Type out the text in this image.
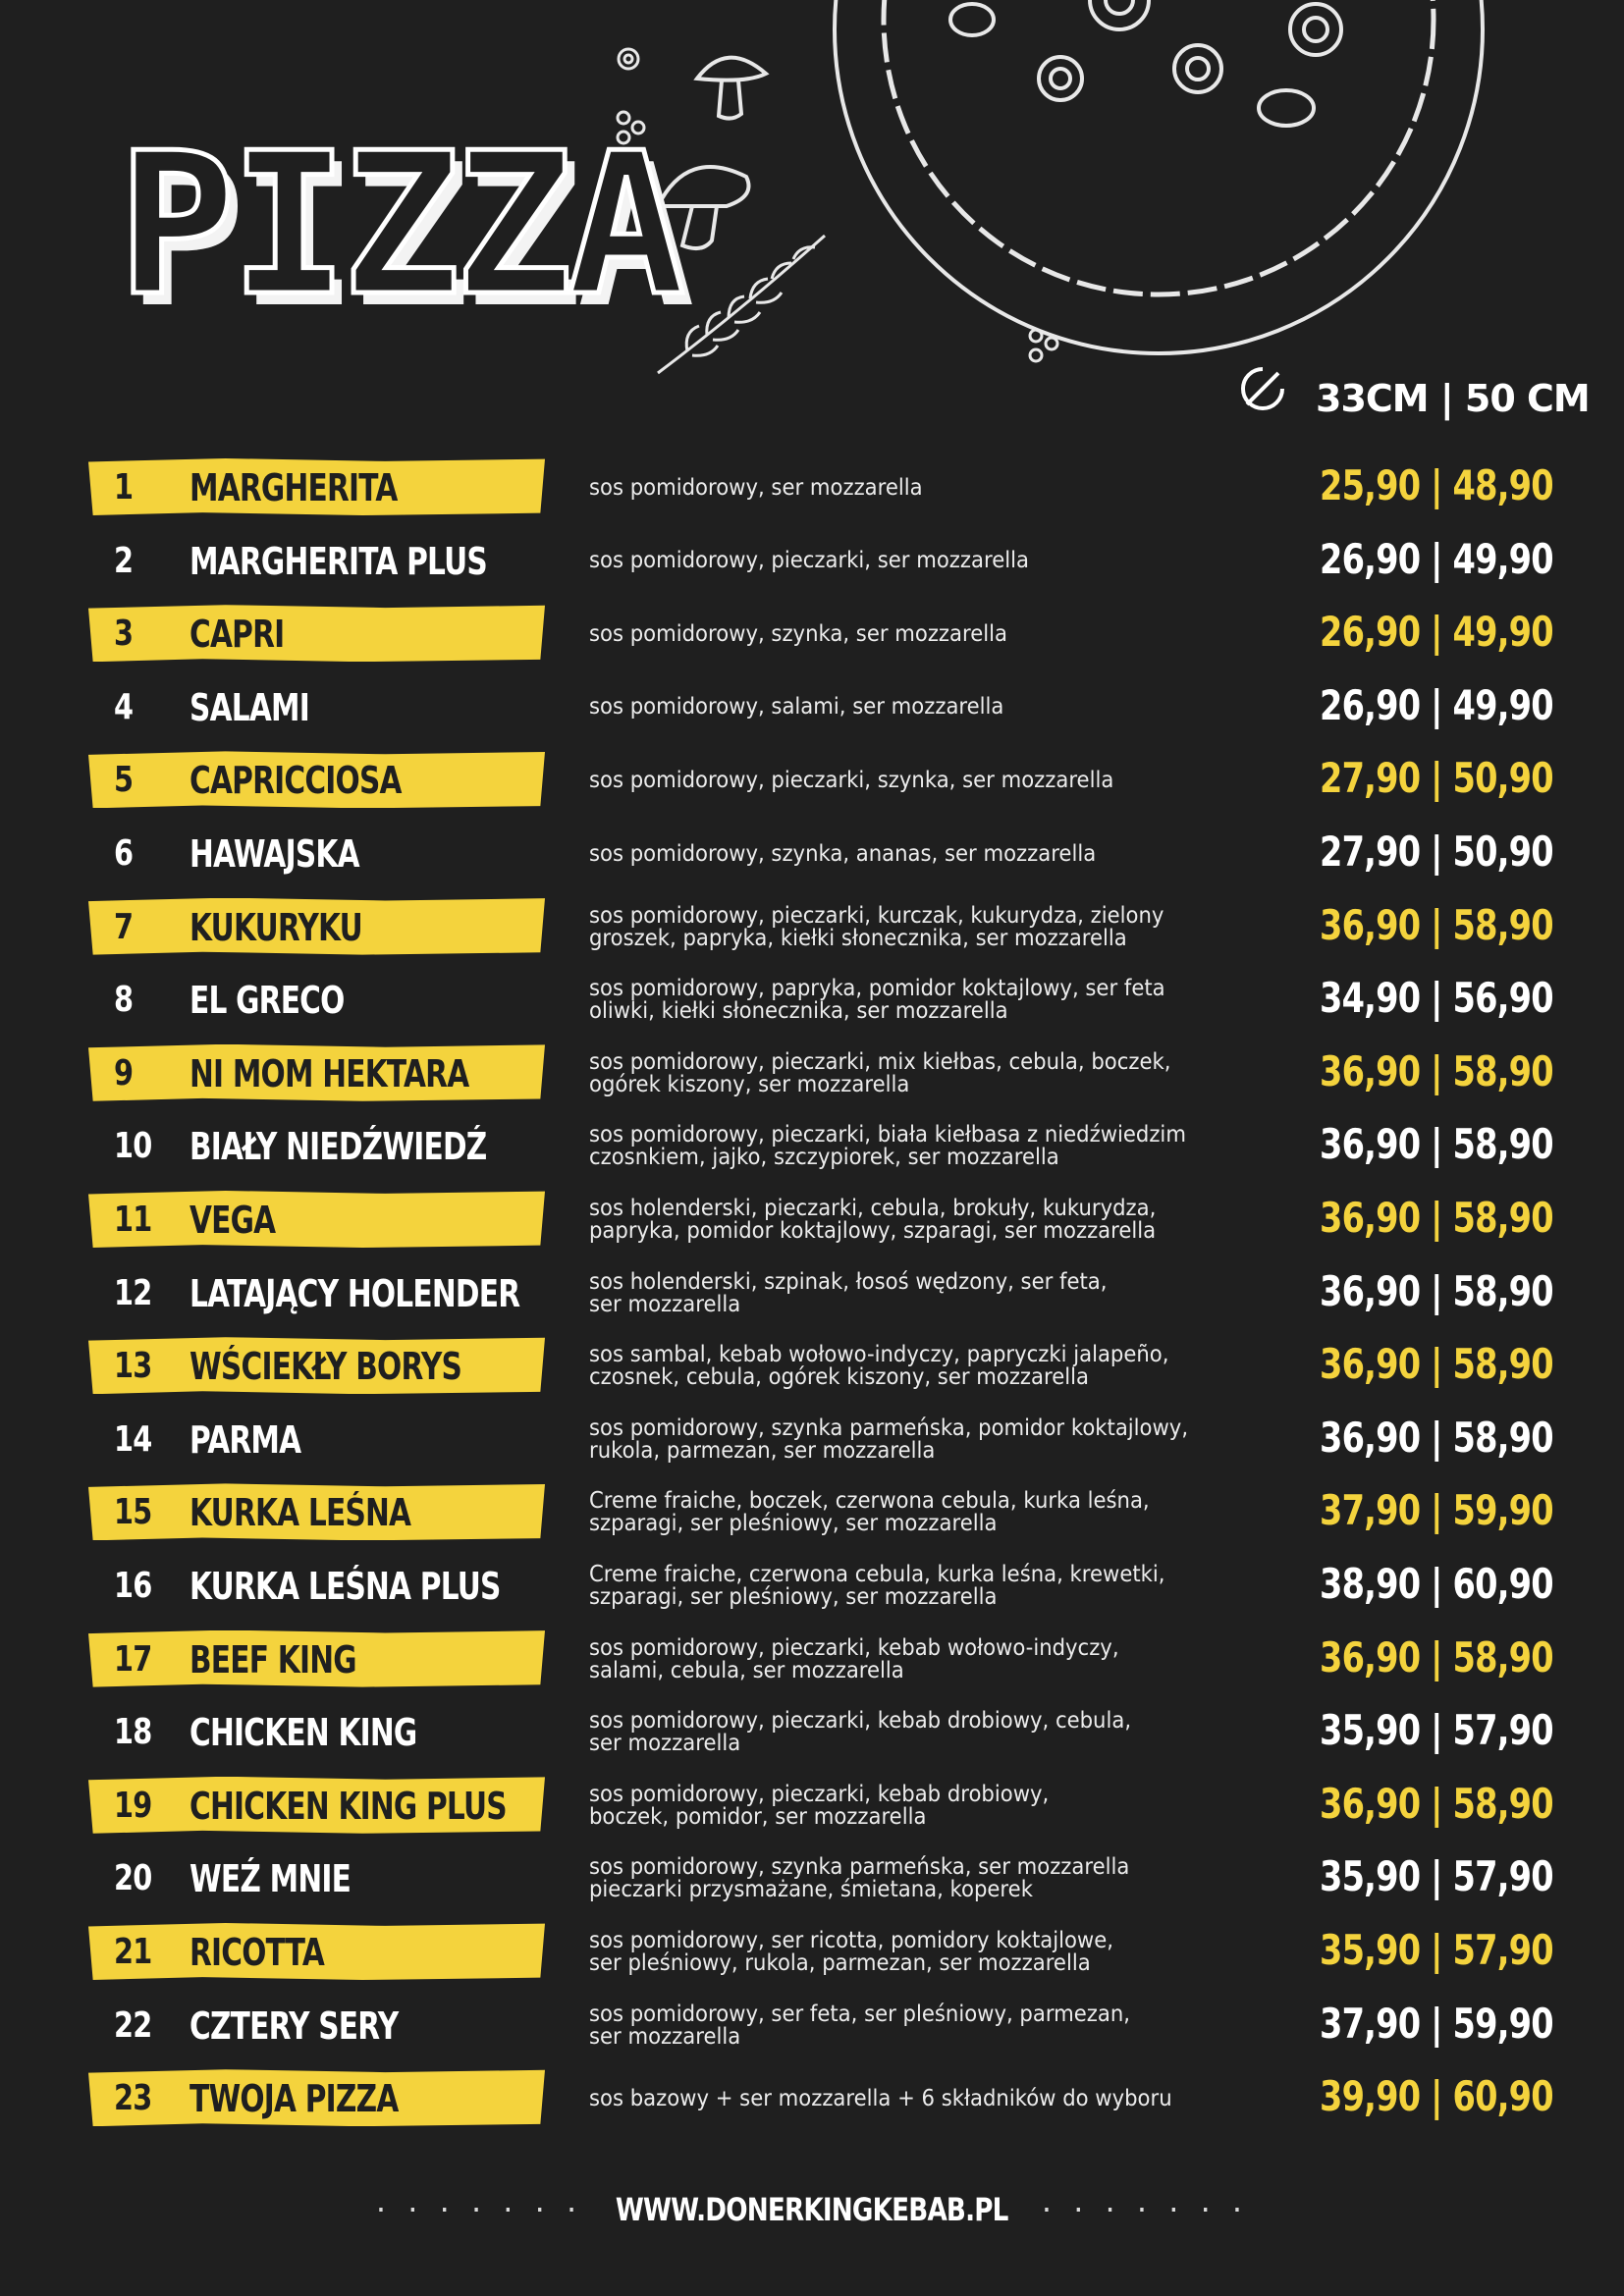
PIZZA
33CM | 50 CM
1 MARGHERITA	sos pomidorowy, ser mozzarella	25,90 | 48,90
2 MARGHERITA PLUS	sos pomidorowy, pieczarki, ser mozzarella	26,90 | 49,90
3 CAPRI	sos pomidorowy, szynka, ser mozzarella	26,90 | 49,90
4 SALAMI	sos pomidorowy, salami, ser mozzarella	26,90 | 49,90
5 CAPRICCIOSA	sos pomidorowy, pieczarki, szynka, ser mozzarella	27,90 | 50,90
6 HAWAJSKA	sos pomidorowy, szynka, ananas, ser mozzarella	27,90 | 50,90
7 KUKURYKU	sos pomidorowy, pieczarki, kurczak, kukurydza, zielony
groszek, papryka, kiełki słonecznika, ser mozzarella	36,90 | 58,90
8 EL GRECO	sos pomidorowy, papryka, pomidor koktajlowy, ser feta
oliwki, kiełki słonecznika, ser mozzarella	34,90 | 56,90
9 NI MOM HEKTARA	sos pomidorowy, pieczarki, mix kiełbas, cebula, boczek,
ogórek kiszony, ser mozzarella	36,90 | 58,90
10 BIAŁY NIEDŹWIEDŹ	sos pomidorowy, pieczarki, biała kiełbasa z niedźwiedzim
czosnkiem, jajko, szczypiorek, ser mozzarella	36,90 | 58,90
11 VEGA	sos holenderski, pieczarki, cebula, brokuły, kukurydza,
papryka, pomidor koktajlowy, szparagi, ser mozzarella	36,90 | 58,90
12 LATAJĄCY HOLENDER	sos holenderski, szpinak, łosoś wędzony, ser feta,
ser mozzarella	36,90 | 58,90
13 WŚCIEKŁY BORYS	sos sambal, kebab wołowo-indyczy, papryczki jalapeño,
czosnek, cebula, ogórek kiszony, ser mozzarella	36,90 | 58,90
14 PARMA	sos pomidorowy, szynka parmeńska, pomidor koktajlowy,
rukola, parmezan, ser mozzarella	36,90 | 58,90
15 KURKA LEŚNA	Creme fraiche, boczek, czerwona cebula, kurka leśna,
szparagi, ser pleśniowy, ser mozzarella	37,90 | 59,90
16 KURKA LEŚNA PLUS	Creme fraiche, czerwona cebula, kurka leśna, krewetki,
szparagi, ser pleśniowy, ser mozzarella	38,90 | 60,90
17 BEEF KING	sos pomidorowy, pieczarki, kebab wołowo-indyczy,
salami, cebula, ser mozzarella	36,90 | 58,90
18 CHICKEN KING	sos pomidorowy, pieczarki, kebab drobiowy, cebula,
ser mozzarella	35,90 | 57,90
19 CHICKEN KING PLUS	sos pomidorowy, pieczarki, kebab drobiowy,
boczek, pomidor, ser mozzarella	36,90 | 58,90
20 WEŹ MNIE	sos pomidorowy, szynka parmeńska, ser mozzarella
pieczarki przysmażane, śmietana, koperek	35,90 | 57,90
21 RICOTTA	sos pomidorowy, ser ricotta, pomidory koktajlowe,
ser pleśniowy, rukola, parmezan, ser mozzarella	35,90 | 57,90
22 CZTERY SERY	sos pomidorowy, ser feta, ser pleśniowy, parmezan,
ser mozzarella	37,90 | 59,90
23 TWOJA PIZZA	sos bazowy + ser mozzarella + 6 składników do wyboru	39,90 | 60,90
· · · · · · · WWW.DONERKINGKEBAB.PL · · · · · · ·
